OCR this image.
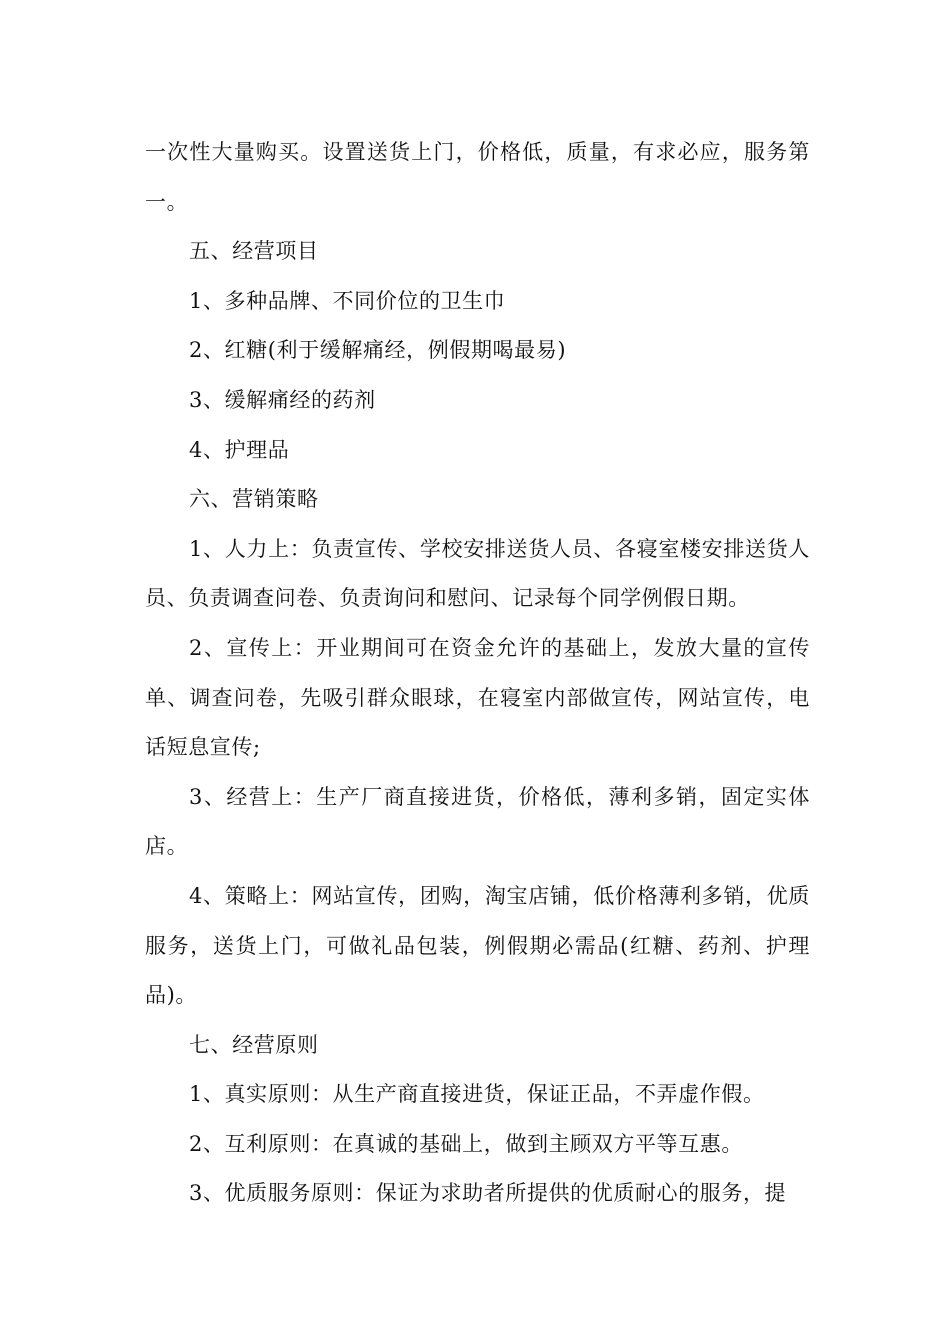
一次性大量购买。设置送货上门，价格低，质量，有求必应，服务第一。

五、经营项目

1、多种品牌、不同价位的卫生巾

2、红糖(利于缓解痛经，例假期喝最易)

3、缓解痛经的药剂

4、护理品

六、营销策略

1、人力上：负责宣传、学校安排送货人员、各寝室楼安排送货人员、负责调查问卷、负责询问和慰问、记录每个同学例假日期。

2、宣传上：开业期间可在资金允许的基础上，发放大量的宣传单、调查问卷，先吸引群众眼球，在寝室内部做宣传，网站宣传，电话短息宣传;

3、经营上：生产厂商直接进货，价格低，薄利多销，固定实体店。

4、策略上：网站宣传，团购，淘宝店铺，低价格薄利多销，优质服务，送货上门，可做礼品包装，例假期必需品(红糖、药剂、护理品)。

七、经营原则

1、真实原则：从生产商直接进货，保证正品，不弄虚作假。

2、互利原则：在真诚的基础上，做到主顾双方平等互惠。

3、优质服务原则：保证为求助者所提供的优质耐心的服务，提
